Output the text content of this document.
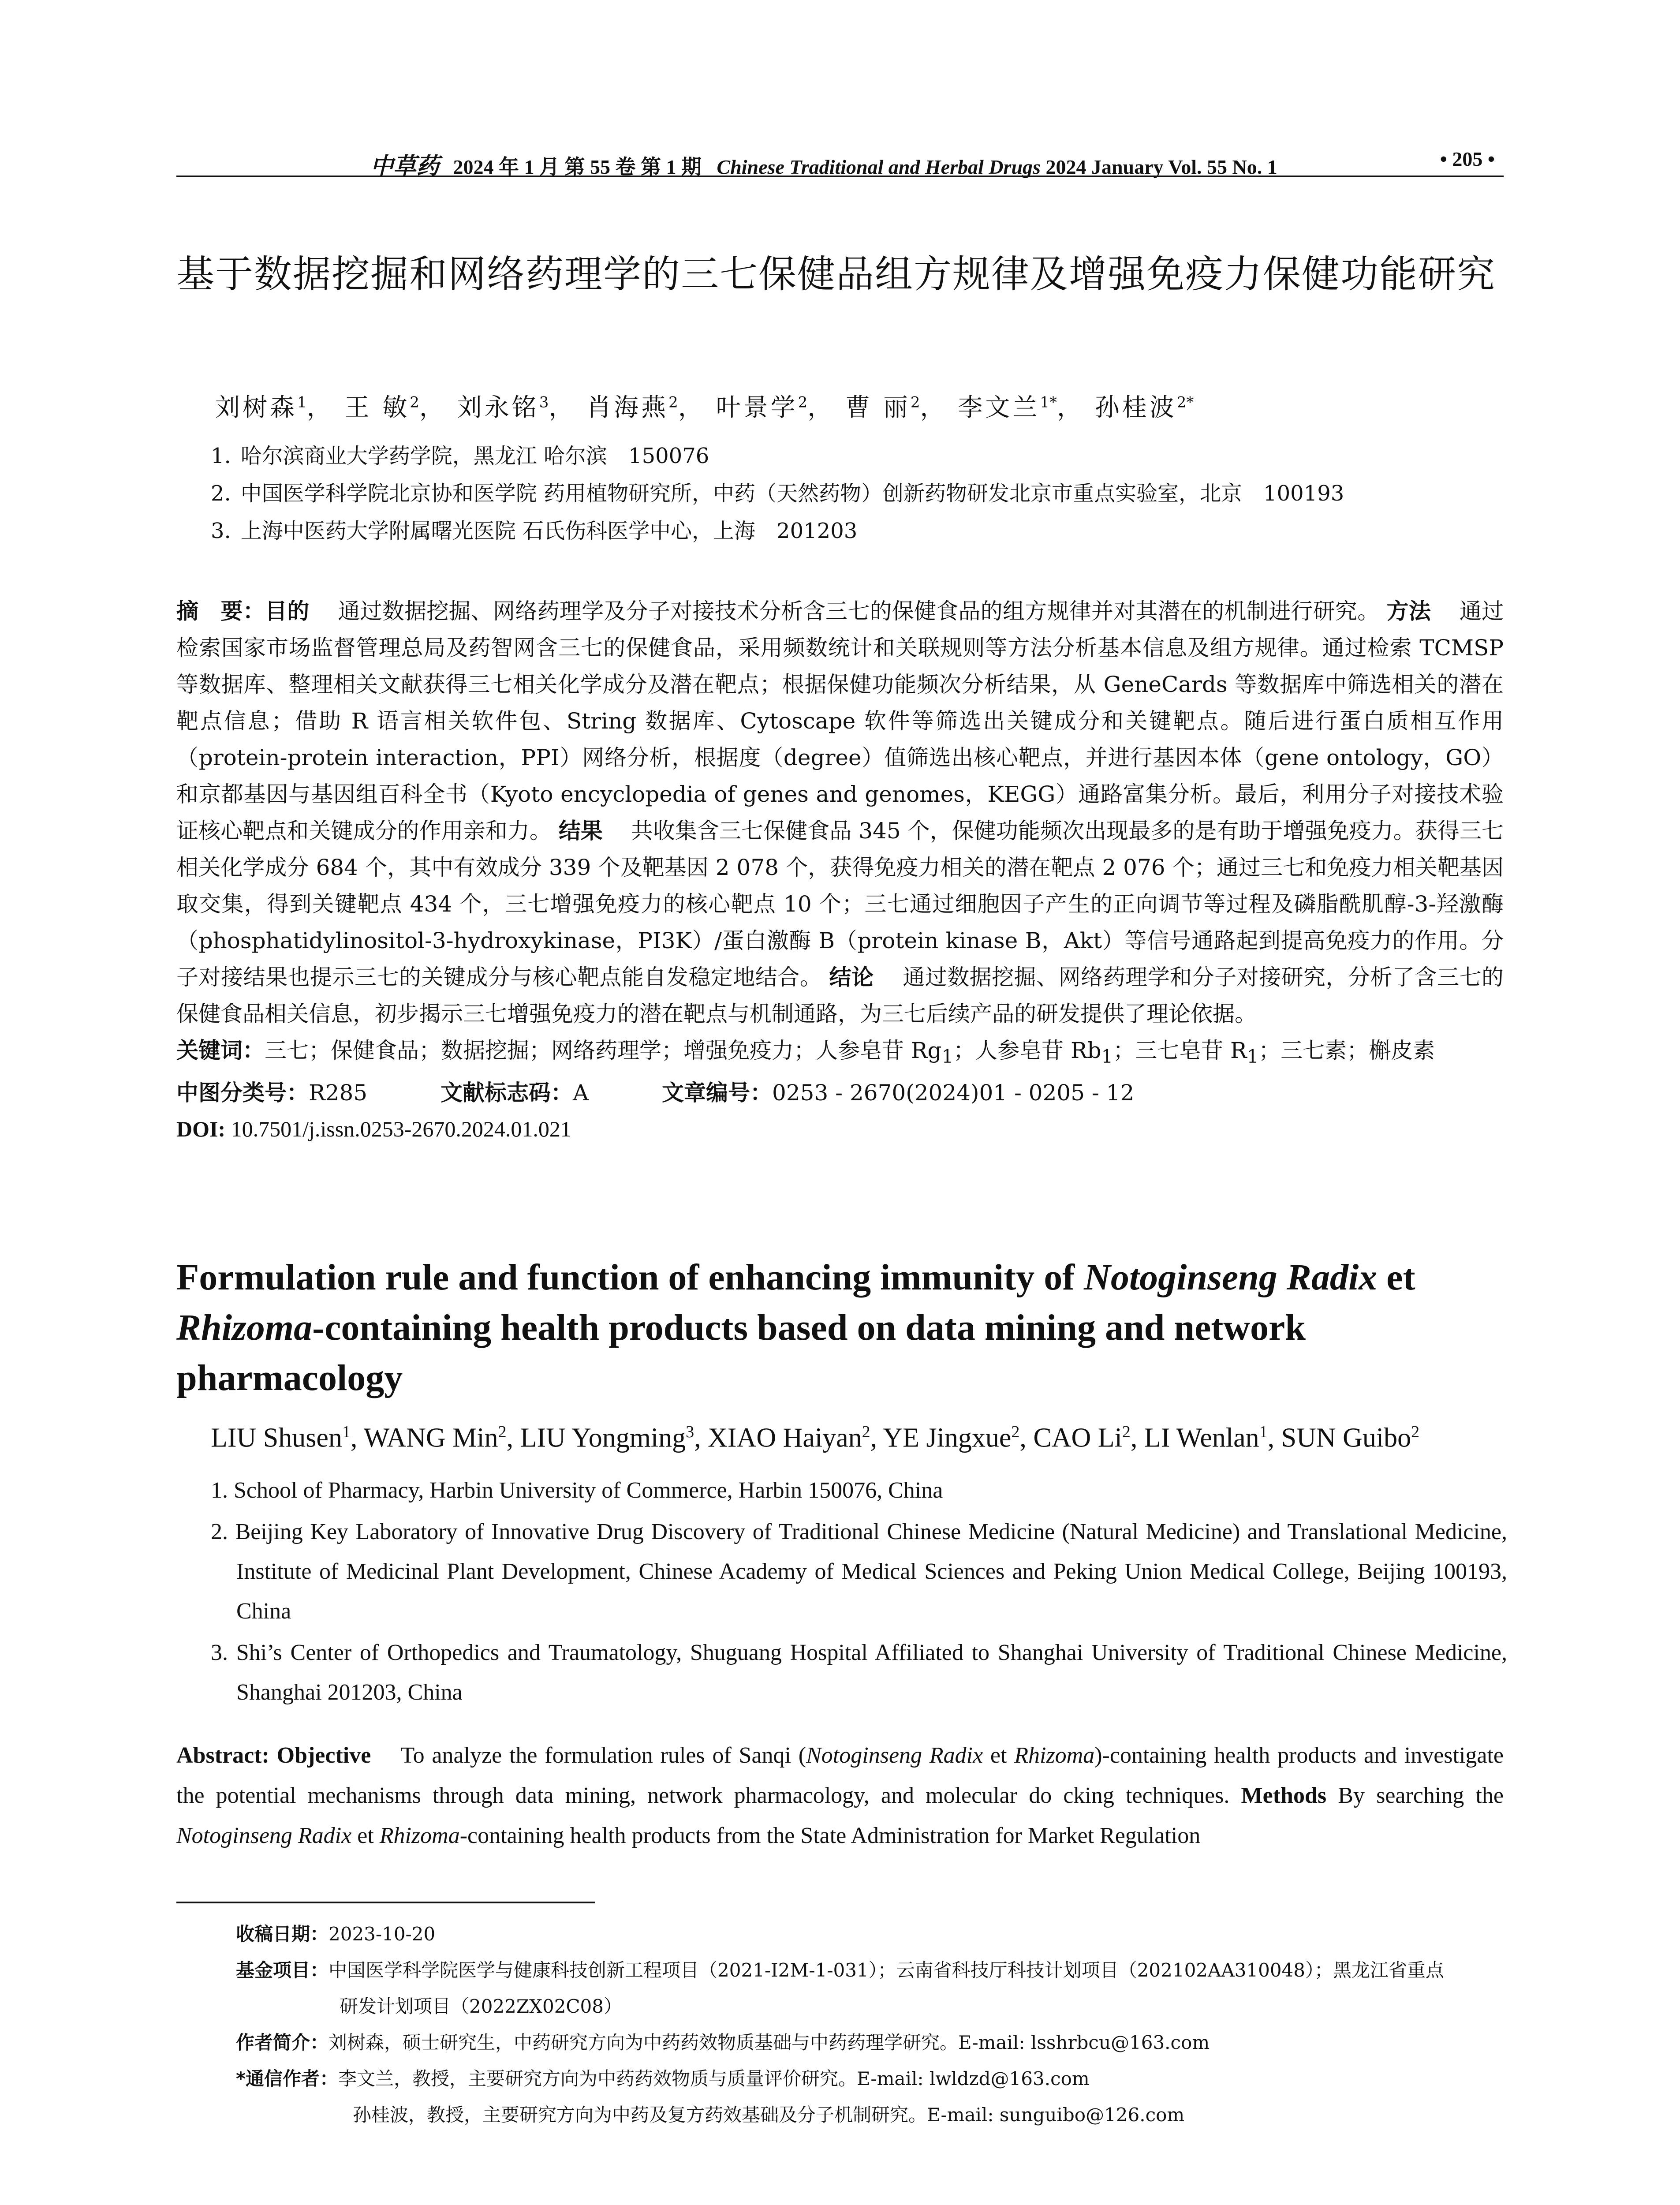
中草药 2024 年 1 月 第 55 卷 第 1 期 Chinese Traditional and Herbal Drugs 2024 January Vol. 55 No. 1	• 205 •
基于数据挖掘和网络药理学的三七保健品组方规律及增强免疫力保健功能研究
刘树森$^1$， 王 敏$^2$， 刘永铭$^3$， 肖海燕$^2$， 叶景学$^2$， 曹 丽$^2$， 李文兰$^{1*}$， 孙桂波$^{2*}$
1. 哈尔滨商业大学药学院，黑龙江 哈尔滨　150076
2. 中国医学科学院北京协和医学院 药用植物研究所，中药（天然药物）创新药物研发北京市重点实验室，北京　100193
3. 上海中医药大学附属曙光医院 石氏伤科医学中心，上海　201203

摘　要：目的 通过数据挖掘、网络药理学及分子对接技术分析含三七的保健食品的组方规律并对其潜在的机制进行研究。 方法 通过检索国家市场监督管理总局及药智网含三七的保健食品，采用频数统计和关联规则等方法分析基本信息及组方规律。通过检索 TCMSP 等数据库、整理相关文献获得三七相关化学成分及潜在靶点；根据保健功能频次分析结果，从 GeneCards 等数据库中筛选相关的潜在靶点信息；借助 R 语言相关软件包、String 数据库、Cytoscape 软件等筛选出关键成分和关键靶点。随后进行蛋白质相互作用（protein-protein interaction，PPI）网络分析，根据度（degree）值筛选出核心靶点，并进行基因本体（gene ontology，GO）和京都基因与基因组百科全书（Kyoto encyclopedia of genes and genomes，KEGG）通路富集分析。最后，利用分子对接技术验证核心靶点和关键成分的作用亲和力。 结果 共收集含三七保健食品 345 个，保健功能频次出现最多的是有助于增强免疫力。获得三七相关化学成分 684 个，其中有效成分 339 个及靶基因 2 078 个，获得免疫力相关的潜在靶点 2 076 个；通过三七和免疫力相关靶基因取交集，得到关键靶点 434 个，三七增强免疫力的核心靶点 10 个；三七通过细胞因子产生的正向调节等过程及磷脂酰肌醇-3-羟激酶（phosphatidylinositol-3-hydroxykinase，PI3K）/蛋白激酶 B（protein kinase B，Akt）等信号通路起到提高免疫力的作用。分子对接结果也提示三七的关键成分与核心靶点能自发稳定地结合。 结论 通过数据挖掘、网络药理学和分子对接研究，分析了含三七的保健食品相关信息，初步揭示三七增强免疫力的潜在靶点与机制通路，为三七后续产品的研发提供了理论依据。

关键词：三七；保健食品；数据挖掘；网络药理学；增强免疫力；人参皂苷 $Rg_1$；人参皂苷 $Rb_1$；三七皂苷 $R_1$；三七素；槲皮素
中图分类号：R285	文献标志码：A	文章编号：0253 - 2670(2024)01 - 0205 - 12
DOI: 10.7501/j.issn.0253-2670.2024.01.021
Formulation rule and function of enhancing immunity of Notoginseng Radix et Rhizoma-containing health products based on data mining and network pharmacology
LIU Shusen$^1$, WANG Min$^2$, LIU Yongming$^3$, XIAO Haiyan$^2$, YE Jingxue$^2$, CAO Li$^2$, LI Wenlan$^1$, SUN Guibo$^2$
1. School of Pharmacy, Harbin University of Commerce, Harbin 150076, China
2. Beijing Key Laboratory of Innovative Drug Discovery of Traditional Chinese Medicine (Natural Medicine) and Translational Medicine, Institute of Medicinal Plant Development, Chinese Academy of Medical Sciences and Peking Union Medical College, Beijing 100193, China
3. Shi’s Center of Orthopedics and Traumatology, Shuguang Hospital Affiliated to Shanghai University of Traditional Chinese Medicine, Shanghai 201203, China
Abstract: Objective To analyze the formulation rules of Sanqi (Notoginseng Radix et Rhizoma)-containing health products and investigate the potential mechanisms through data mining, network pharmacology, and molecular do cking techniques. Methods By searching the Notoginseng Radix et Rhizoma-containing health products from the State Administration for Market Regulation
收稿日期：2023-10-20
基金项目：中国医学科学院医学与健康科技创新工程项目（2021-I2M-1-031）；云南省科技厅科技计划项目（202102AA310048）；黑龙江省重点
研发计划项目（2022ZX02C08）
作者简介：刘树森，硕士研究生，中药研究方向为中药药效物质基础与中药药理学研究。E-mail: lsshrbcu@163.com
*通信作者：李文兰，教授，主要研究方向为中药药效物质与质量评价研究。E-mail: lwldzd@163.com
孙桂波，教授，主要研究方向为中药及复方药效基础及分子机制研究。E-mail: sunguibo@126.com
